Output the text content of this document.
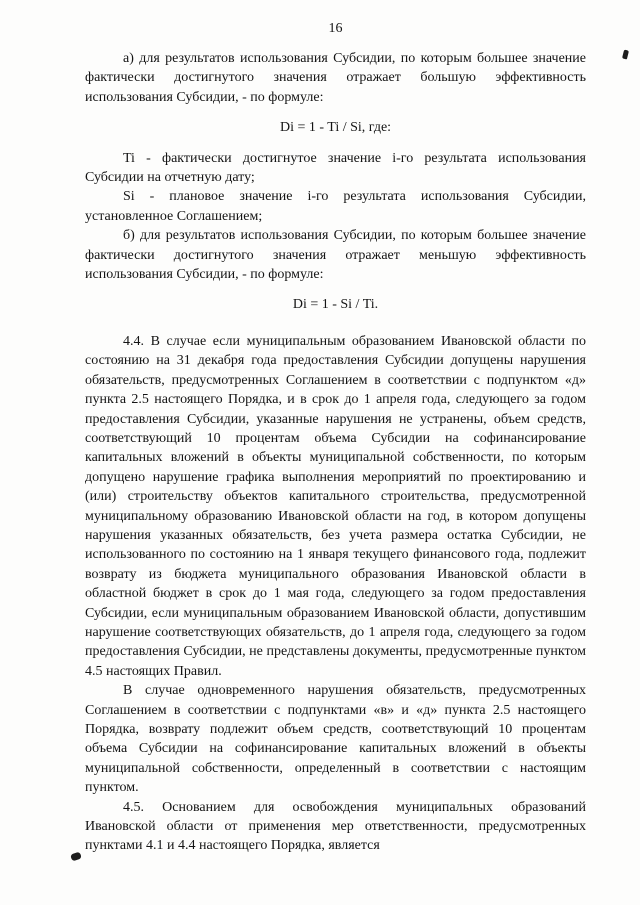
16

а) для результатов использования Субсидии, по которым большее значение фактически достигнутого значения отражает большую эффективность использования Субсидии, - по формуле:

Di = 1 - Ti / Si, где:

Ti - фактически достигнутое значение i-го результата использования Субсидии на отчетную дату;

Si - плановое значение i-го результата использования Субсидии, установленное Соглашением;

б) для результатов использования Субсидии, по которым большее значение фактически достигнутого значения отражает меньшую эффективность использования Субсидии, - по формуле:

Di = 1 - Si / Ti.

4.4. В случае если муниципальным образованием Ивановской области по состоянию на 31 декабря года предоставления Субсидии допущены нарушения обязательств, предусмотренных Соглашением в соответствии с подпунктом «д» пункта 2.5 настоящего Порядка, и в срок до 1 апреля года, следующего за годом предоставления Субсидии, указанные нарушения не устранены, объем средств, соответствующий 10 процентам объема Субсидии на софинансирование капитальных вложений в объекты муниципальной собственности, по которым допущено нарушение графика выполнения мероприятий по проектированию и (или) строительству объектов капитального строительства, предусмотренной муниципальному образованию Ивановской области на год, в котором допущены нарушения указанных обязательств, без учета размера остатка Субсидии, не использованного по состоянию на 1 января текущего финансового года, подлежит возврату из бюджета муниципального образования Ивановской области в областной бюджет в срок до 1 мая года, следующего за годом предоставления Субсидии, если муниципальным образованием Ивановской области, допустившим нарушение соответствующих обязательств, до 1 апреля года, следующего за годом предоставления Субсидии, не представлены документы, предусмотренные пунктом 4.5 настоящих Правил.

В случае одновременного нарушения обязательств, предусмотренных Соглашением в соответствии с подпунктами «в» и «д» пункта 2.5 настоящего Порядка, возврату подлежит объем средств, соответствующий 10 процентам объема Субсидии на софинансирование капитальных вложений в объекты муниципальной собственности, определенный в соответствии с настоящим пунктом.

4.5. Основанием для освобождения муниципальных образований Ивановской области от применения мер ответственности, предусмотренных пунктами 4.1 и 4.4 настоящего Порядка, является
